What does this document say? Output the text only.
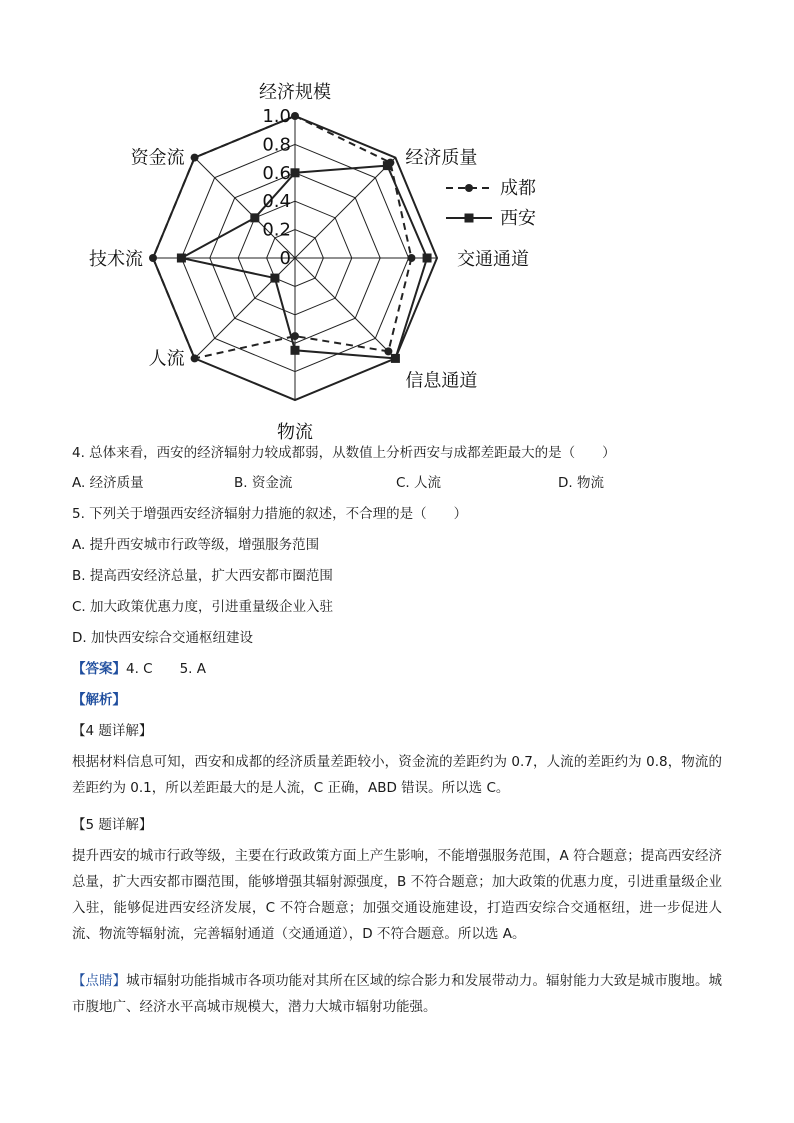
0
0.2
0.4
0.6
0.8
1.0
经济规模
经济质量
交通通道
信息通道
物流
人流
技术流
资金流
成都
西安
4. 总体来看，西安的经济辐射力较成都弱，从数值上分析西安与成都差距最大的是（　　）
A. 经济质量	B. 资金流	C. 人流	D. 物流
5. 下列关于增强西安经济辐射力措施的叙述，不合理的是（　　）
A. 提升西安城市行政等级，增强服务范围
B. 提高西安经济总量，扩大西安都市圈范围
C. 加大政策优惠力度，引进重量级企业入驻
D. 加快西安综合交通枢纽建设
【答案】4. C　　5. A
【解析】
【4 题详解】
根据材料信息可知，西安和成都的经济质量差距较小，资金流的差距约为 0.7，人流的差距约为 0.8，物流的差距约为 0.1，所以差距最大的是人流，C 正确，ABD 错误。所以选 C。
【5 题详解】
提升西安的城市行政等级，主要在行政政策方面上产生影响，不能增强服务范围，A 符合题意；提高西安经济总量，扩大西安都市圈范围，能够增强其辐射源强度，B 不符合题意；加大政策的优惠力度，引进重量级企业入驻，能够促进西安经济发展，C 不符合题意；加强交通设施建设，打造西安综合交通枢纽，进一步促进人流、物流等辐射流，完善辐射通道（交通通道），D 不符合题意。所以选 A。
【点睛】城市辐射功能指城市各项功能对其所在区域的综合影力和发展带动力。辐射能力大致是城市腹地。城市腹地广、经济水平高城市规模大，潜力大城市辐射功能强。
